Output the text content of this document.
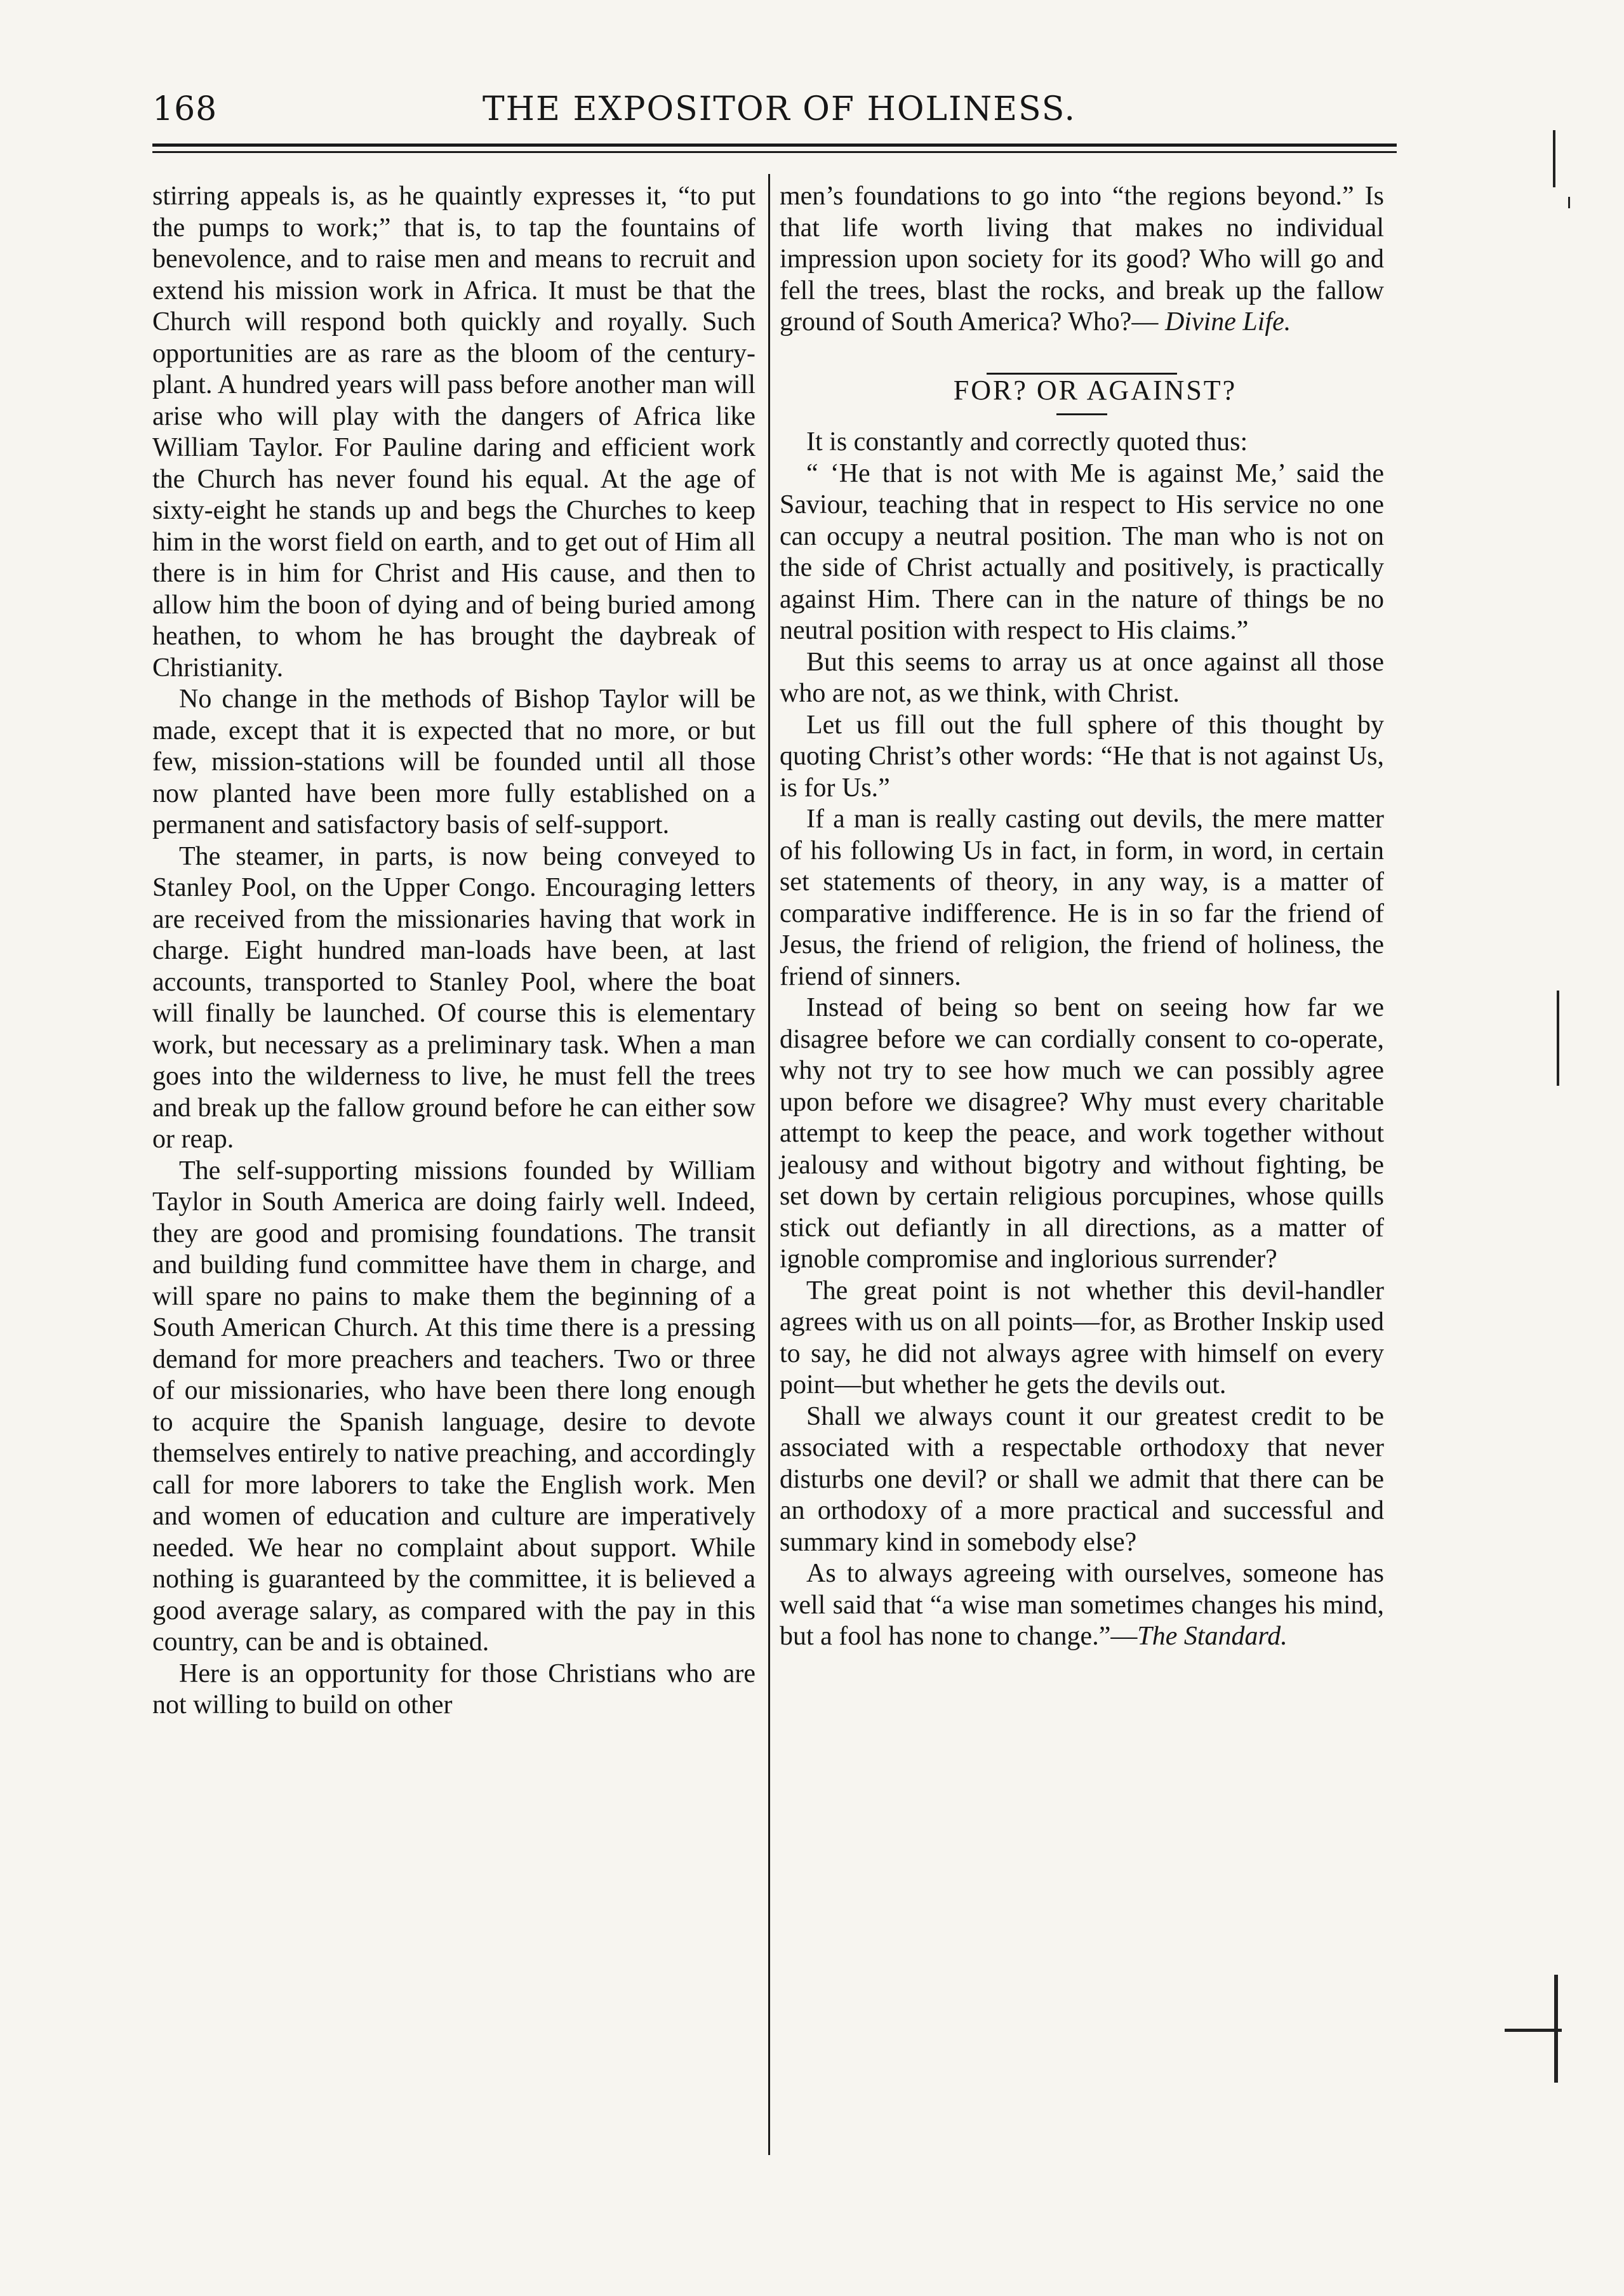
168	THE EXPOSITOR OF HOLINESS.

stirring appeals is, as he quaintly expresses it, “to put the pumps to work;” that is, to tap the fountains of benevolence, and to raise men and means to recruit and extend his mission work in Africa. It must be that the Church will respond both quickly and royally. Such opportunities are as rare as the bloom of the century-plant. A hundred years will pass before another man will arise who will play with the dangers of Africa like William Taylor. For Pauline daring and efficient work the Church has never found his equal. At the age of sixty-eight he stands up and begs the Churches to keep him in the worst field on earth, and to get out of Him all there is in him for Christ and His cause, and then to allow him the boon of dying and of being buried among heathen, to whom he has brought the daybreak of Christianity.

No change in the methods of Bishop Taylor will be made, except that it is expected that no more, or but few, mission-stations will be founded until all those now planted have been more fully established on a permanent and satisfactory basis of self-support.

The steamer, in parts, is now being conveyed to Stanley Pool, on the Upper Congo. Encouraging letters are received from the missionaries having that work in charge. Eight hundred man-loads have been, at last accounts, transported to Stanley Pool, where the boat will finally be launched. Of course this is elementary work, but necessary as a preliminary task. When a man goes into the wilderness to live, he must fell the trees and break up the fallow ground before he can either sow or reap.

The self-supporting missions founded by William Taylor in South America are doing fairly well. Indeed, they are good and promising foundations. The transit and building fund committee have them in charge, and will spare no pains to make them the beginning of a South American Church. At this time there is a pressing demand for more preachers and teachers. Two or three of our missionaries, who have been there long enough to acquire the Spanish language, desire to devote themselves entirely to native preaching, and accordingly call for more laborers to take the English work. Men and women of education and culture are imperatively needed. We hear no complaint about support. While nothing is guaranteed by the committee, it is believed a good average salary, as compared with the pay in this country, can be and is obtained.

Here is an opportunity for those Christians who are not willing to build on other

men’s foundations to go into “the regions beyond.” Is that life worth living that makes no individual impression upon society for its good? Who will go and fell the trees, blast the rocks, and break up the fallow ground of South America? Who?— Divine Life.

FOR? OR AGAINST?

It is constantly and correctly quoted thus:

“ ‘He that is not with Me is against Me,’ said the Saviour, teaching that in respect to His service no one can occupy a neutral position. The man who is not on the side of Christ actually and positively, is practically against Him. There can in the nature of things be no neutral position with respect to His claims.”

But this seems to array us at once against all those who are not, as we think, with Christ.

Let us fill out the full sphere of this thought by quoting Christ’s other words: “He that is not against Us, is for Us.”

If a man is really casting out devils, the mere matter of his following Us in fact, in form, in word, in certain set statements of theory, in any way, is a matter of comparative indifference. He is in so far the friend of Jesus, the friend of religion, the friend of holiness, the friend of sinners.

Instead of being so bent on seeing how far we disagree before we can cordially consent to co-operate, why not try to see how much we can possibly agree upon before we disagree? Why must every charitable attempt to keep the peace, and work together without jealousy and without bigotry and without fighting, be set down by certain religious porcupines, whose quills stick out defiantly in all directions, as a matter of ignoble compromise and inglorious surrender?

The great point is not whether this devil-handler agrees with us on all points—for, as Brother Inskip used to say, he did not always agree with himself on every point—but whether he gets the devils out.

Shall we always count it our greatest credit to be associated with a respectable orthodoxy that never disturbs one devil? or shall we admit that there can be an orthodoxy of a more practical and successful and summary kind in somebody else?

As to always agreeing with ourselves, someone has well said that “a wise man sometimes changes his mind, but a fool has none to change.”—The Standard.
